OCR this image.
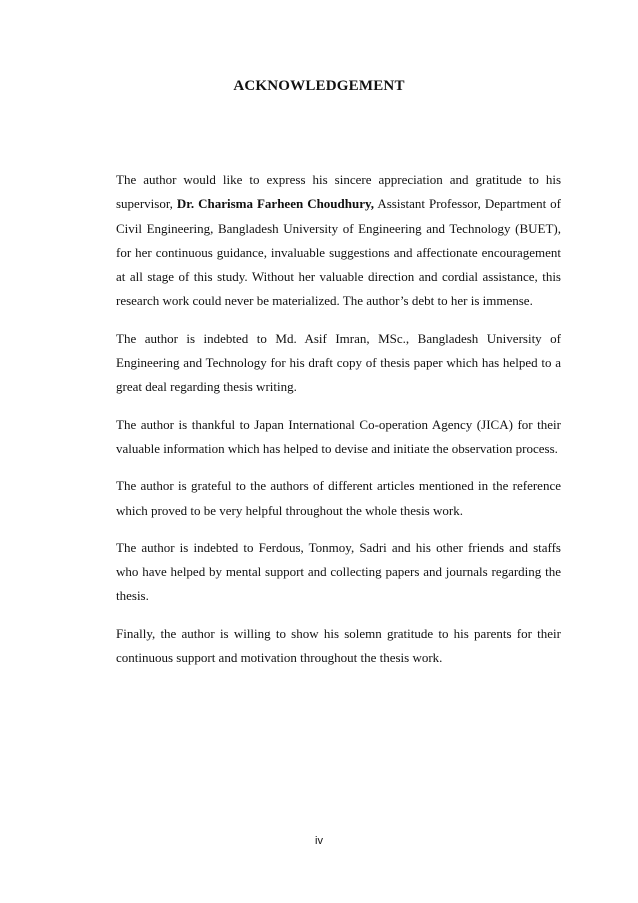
ACKNOWLEDGEMENT

The author would like to express his sincere appreciation and gratitude to his supervisor, Dr. Charisma Farheen Choudhury, Assistant Professor, Department of Civil Engineering, Bangladesh University of Engineering and Technology (BUET), for her continuous guidance, invaluable suggestions and affectionate encouragement at all stage of this study. Without her valuable direction and cordial assistance, this research work could never be materialized. The author’s debt to her is immense.

The author is indebted to Md. Asif Imran, MSc., Bangladesh University of Engineering and Technology for his draft copy of thesis paper which has helped to a great deal regarding thesis writing.

The author is thankful to Japan International Co-operation Agency (JICA) for their valuable information which has helped to devise and initiate the observation process.

The author is grateful to the authors of different articles mentioned in the reference which proved to be very helpful throughout the whole thesis work.

The author is indebted to Ferdous, Tonmoy, Sadri and his other friends and staffs who have helped by mental support and collecting papers and journals regarding the thesis.

Finally, the author is willing to show his solemn gratitude to his parents for their continuous support and motivation throughout the thesis work.

iv
